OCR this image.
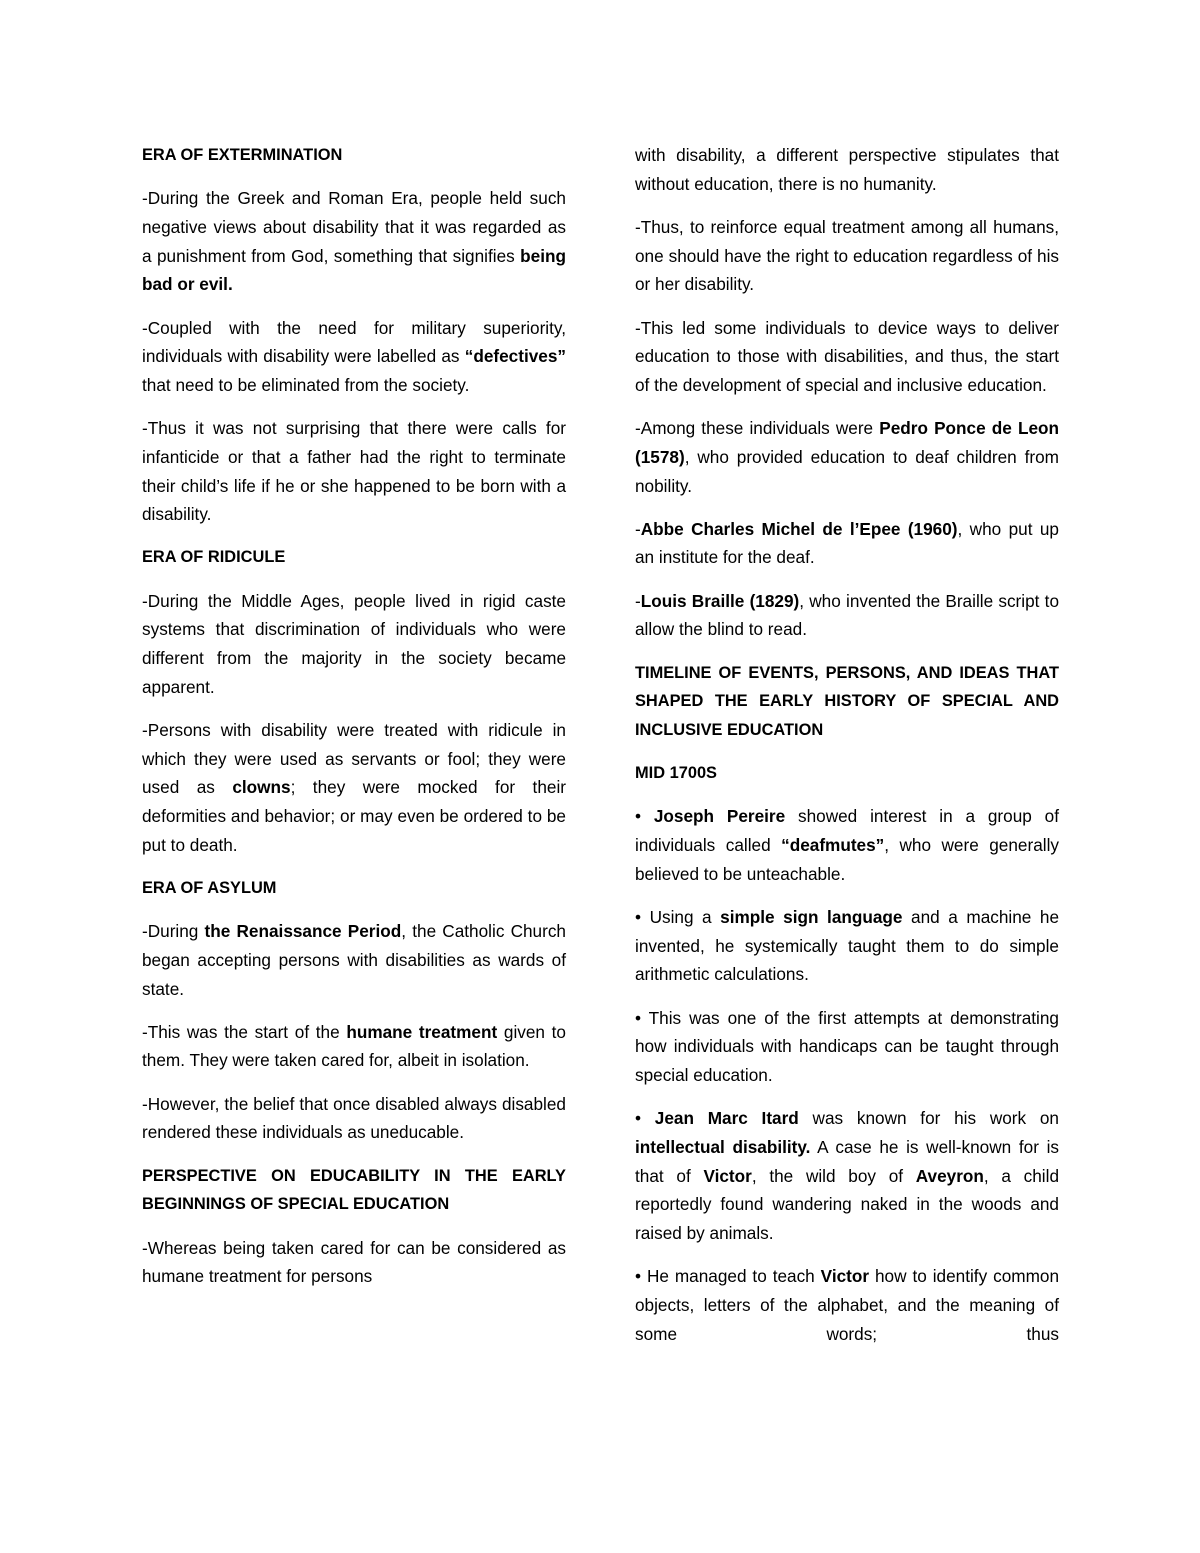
ERA OF EXTERMINATION

-During the Greek and Roman Era, people held such negative views about disability that it was regarded as a punishment from God, something that signifies being bad or evil.

-Coupled with the need for military superiority, individuals with disability were labelled as “defectives” that need to be eliminated from the society.

-Thus it was not surprising that there were calls for infanticide or that a father had the right to terminate their child’s life if he or she happened to be born with a disability.

ERA OF RIDICULE

-During the Middle Ages, people lived in rigid caste systems that discrimination of individuals who were different from the majority in the society became apparent.

-Persons with disability were treated with ridicule in which they were used as servants or fool; they were used as clowns; they were mocked for their deformities and behavior; or may even be ordered to be put to death.

ERA OF ASYLUM

-During the Renaissance Period, the Catholic Church began accepting persons with disabilities as wards of state.

-This was the start of the humane treatment given to them. They were taken cared for, albeit in isolation.

-However, the belief that once disabled always disabled rendered these individuals as uneducable.

PERSPECTIVE ON EDUCABILITY IN THE EARLY BEGINNINGS OF SPECIAL EDUCATION

-Whereas being taken cared for can be considered as humane treatment for persons

with disability, a different perspective stipulates that without education, there is no humanity.

-Thus, to reinforce equal treatment among all humans, one should have the right to education regardless of his or her disability.

-This led some individuals to device ways to deliver education to those with disabilities, and thus, the start of the development of special and inclusive education.

-Among these individuals were Pedro Ponce de Leon (1578), who provided education to deaf children from nobility.

-Abbe Charles Michel de l’Epee (1960), who put up an institute for the deaf.

-Louis Braille (1829), who invented the Braille script to allow the blind to read.

TIMELINE OF EVENTS, PERSONS, AND IDEAS THAT SHAPED THE EARLY HISTORY OF SPECIAL AND INCLUSIVE EDUCATION

MID 1700S

• Joseph Pereire showed interest in a group of individuals called “deafmutes”, who were generally believed to be unteachable.

• Using a simple sign language and a machine he invented, he systemically taught them to do simple arithmetic calculations.

• This was one of the first attempts at demonstrating how individuals with handicaps can be taught through special education.

• Jean Marc Itard was known for his work on intellectual disability. A case he is well-known for is that of Victor, the wild boy of Aveyron, a child reportedly found wandering naked in the woods and raised by animals.

• He managed to teach Victor how to identify common objects, letters of the alphabet, and the meaning of some words; thus
